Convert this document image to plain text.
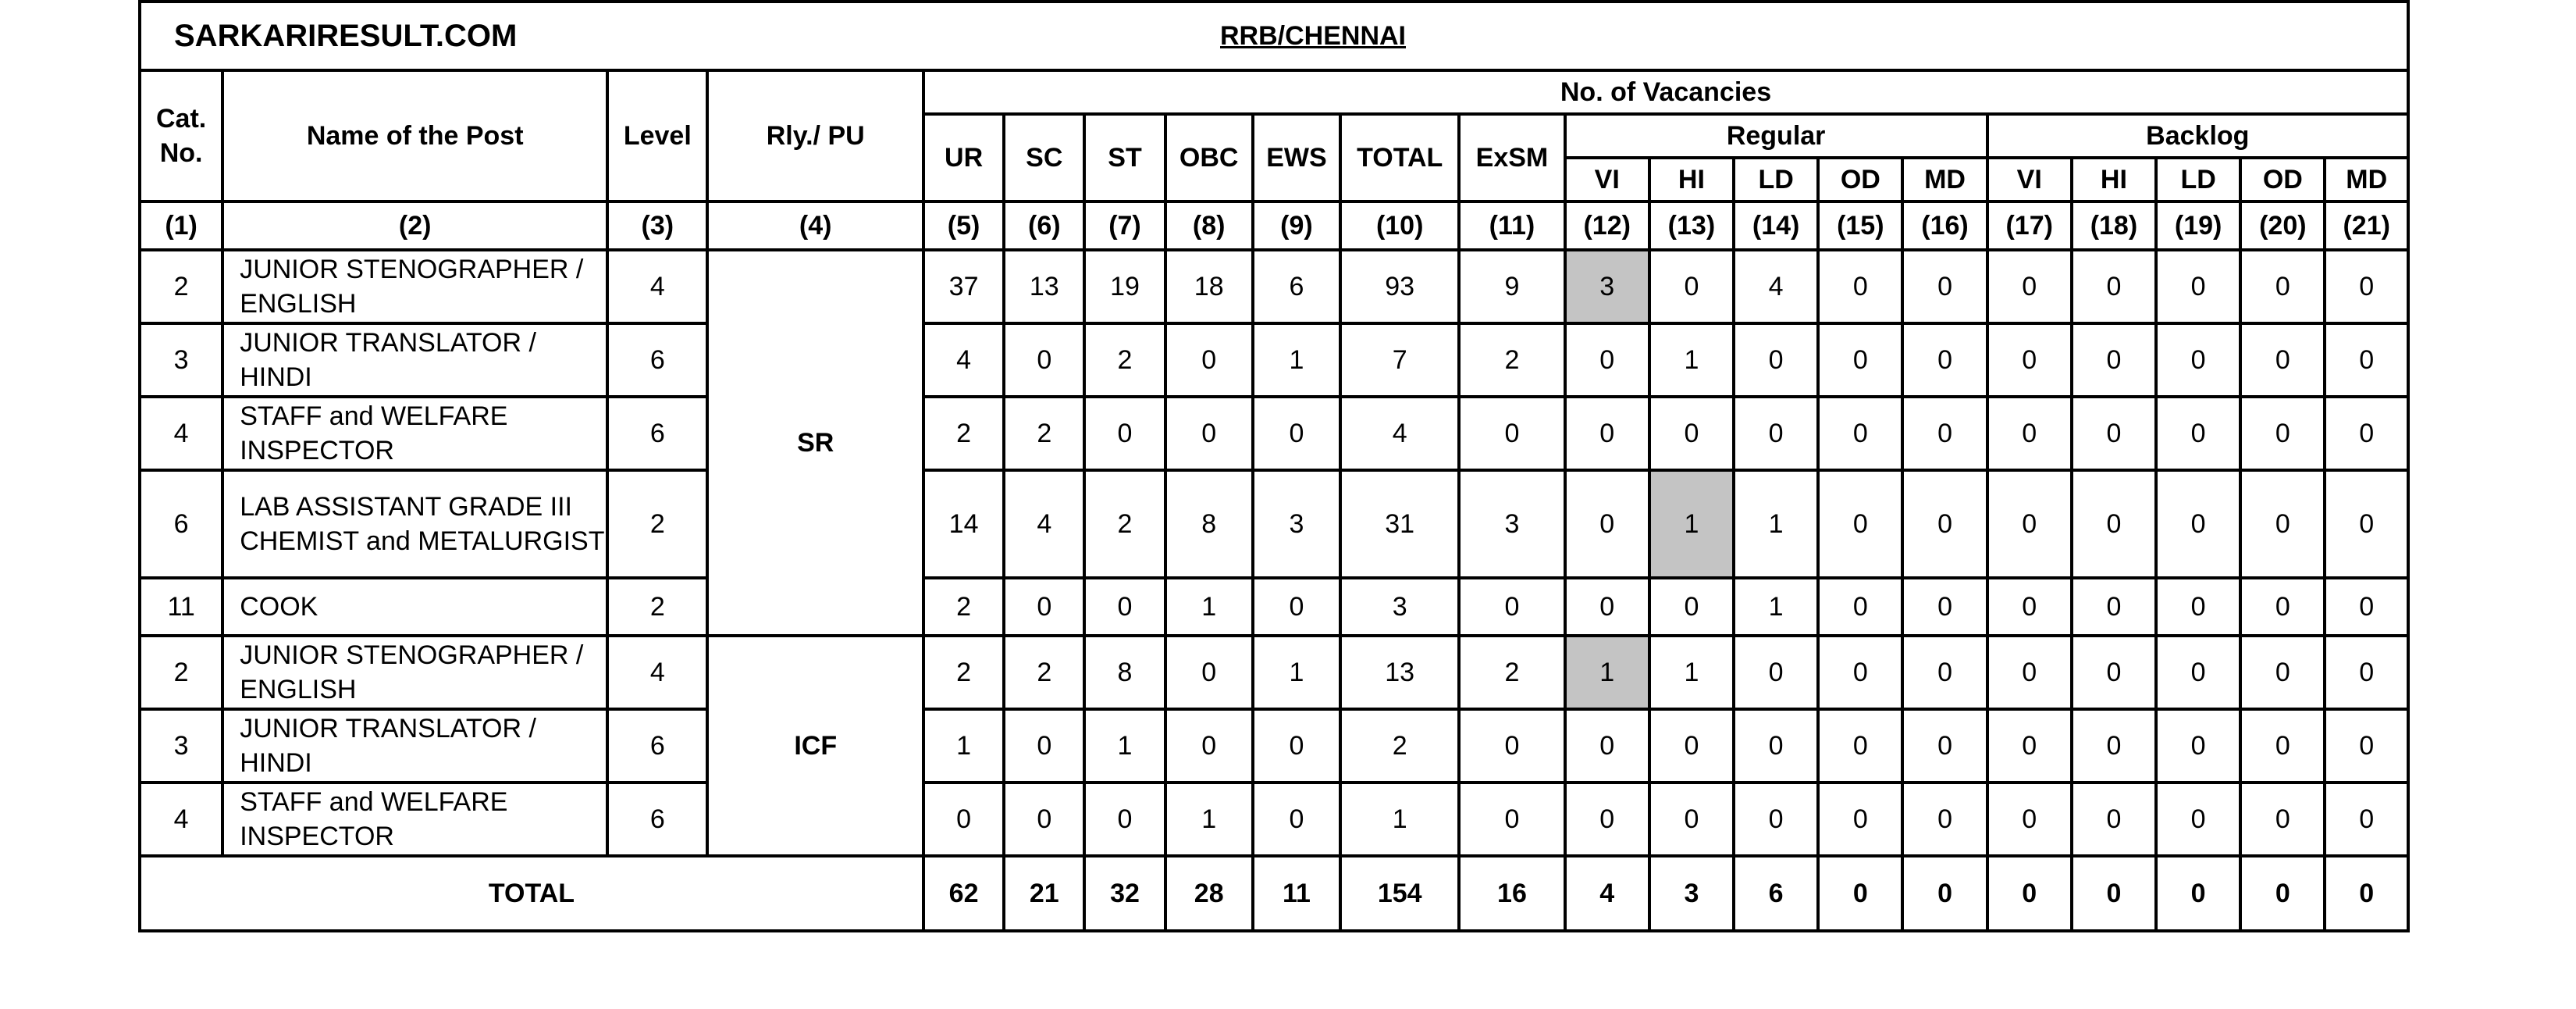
SARKARIRESULT.COM RRB/CHENNAI																				

Cat. No.	Name of the Post	Level	Rly./ PU	No. of Vacancies																
				UR	SC	ST	OBC	EWS	TOTAL	ExSM	Regular					Backlog				
											VI	HI	LD	OD	MD	VI	HI	LD	OD	MD
(1)	(2)	(3)	(4)	(5)	(6)	(7)	(8)	(9)	(10)	(11)	(12)	(13)	(14)	(15)	(16)	(17)	(18)	(19)	(20)	(21)
2	JUNIOR STENOGRAPHER / ENGLISH	4	SR	37	13	19	18	6	93	9	3	0	4	0	0	0	0	0	0	0
3	JUNIOR TRANSLATOR / HINDI	6		4	0	2	0	1	7	2	0	1	0	0	0	0	0	0	0	0
4	STAFF and WELFARE INSPECTOR	6		2	2	0	0	0	4	0	0	0	0	0	0	0	0	0	0	0
6	LAB ASSISTANT GRADE III CHEMIST and METALURGIST	2		14	4	2	8	3	31	3	0	1	1	0	0	0	0	0	0	0
11	COOK	2		2	0	0	1	0	3	0	0	0	1	0	0	0	0	0	0	0
2	JUNIOR STENOGRAPHER / ENGLISH	4	ICF	2	2	8	0	1	13	2	1	1	0	0	0	0	0	0	0	0
3	JUNIOR TRANSLATOR / HINDI	6		1	0	1	0	0	2	0	0	0	0	0	0	0	0	0	0	0
4	STAFF and WELFARE INSPECTOR	6		0	0	0	1	0	1	0	0	0	0	0	0	0	0	0	0	0
TOTAL				62	21	32	28	11	154	16	4	3	6	0	0	0	0	0	0	0
